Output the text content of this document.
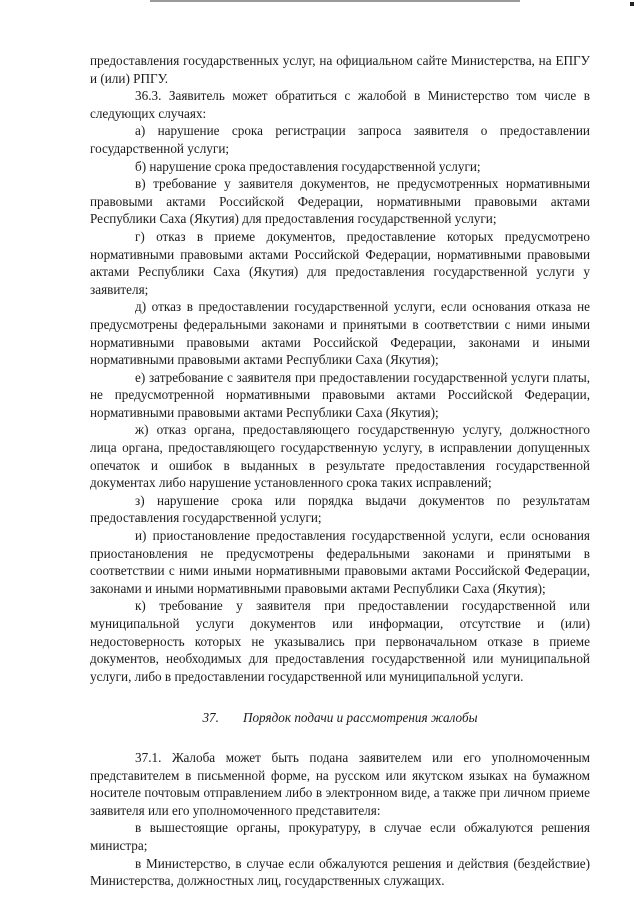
предоставления государственных услуг, на официальном сайте Министерства, на ЕПГУ и (или) РПГУ.

36.3. Заявитель может обратиться с жалобой в Министерство том числе в следующих случаях:

а) нарушение срока регистрации запроса заявителя о предоставлении государственной услуги;

б) нарушение срока предоставления государственной услуги;

в) требование у заявителя документов, не предусмотренных нормативными правовыми актами Российской Федерации, нормативными правовыми актами Республики Саха (Якутия) для предоставления государственной услуги;

г) отказ в приеме документов, предоставление которых предусмотрено нормативными правовыми актами Российской Федерации, нормативными правовыми актами Республики Саха (Якутия) для предоставления государственной услуги у заявителя;

д) отказ в предоставлении государственной услуги, если основания отказа не предусмотрены федеральными законами и принятыми в соответствии с ними иными нормативными правовыми актами Российской Федерации, законами и иными нормативными правовыми актами Республики Саха (Якутия);

е) затребование с заявителя при предоставлении государственной услуги платы, не предусмотренной нормативными правовыми актами Российской Федерации, нормативными правовыми актами Республики Саха (Якутия);

ж) отказ органа, предоставляющего государственную услугу, должностного лица органа, предоставляющего государственную услугу, в исправлении допущенных опечаток и ошибок в выданных в результате предоставления государственной документах либо нарушение установленного срока таких исправлений;

з) нарушение срока или порядка выдачи документов по результатам предоставления государственной услуги;

и) приостановление предоставления государственной услуги, если основания приостановления не предусмотрены федеральными законами и принятыми в соответствии с ними иными нормативными правовыми актами Российской Федерации, законами и иными нормативными правовыми актами Республики Саха (Якутия);

к) требование у заявителя при предоставлении государственной или муниципальной услуги документов или информации, отсутствие и (или) недостоверность которых не указывались при первоначальном отказе в приеме документов, необходимых для предоставления государственной или муниципальной услуги, либо в предоставлении государственной или муниципальной услуги.

37. Порядок подачи и рассмотрения жалобы

37.1. Жалоба может быть подана заявителем или его уполномоченным представителем в письменной форме, на русском или якутском языках на бумажном носителе почтовым отправлением либо в электронном виде, а также при личном приеме заявителя или его уполномоченного представителя:

в вышестоящие органы, прокуратуру, в случае если обжалуются решения министра;

в Министерство, в случае если обжалуются решения и действия (бездействие) Министерства, должностных лиц, государственных служащих.
